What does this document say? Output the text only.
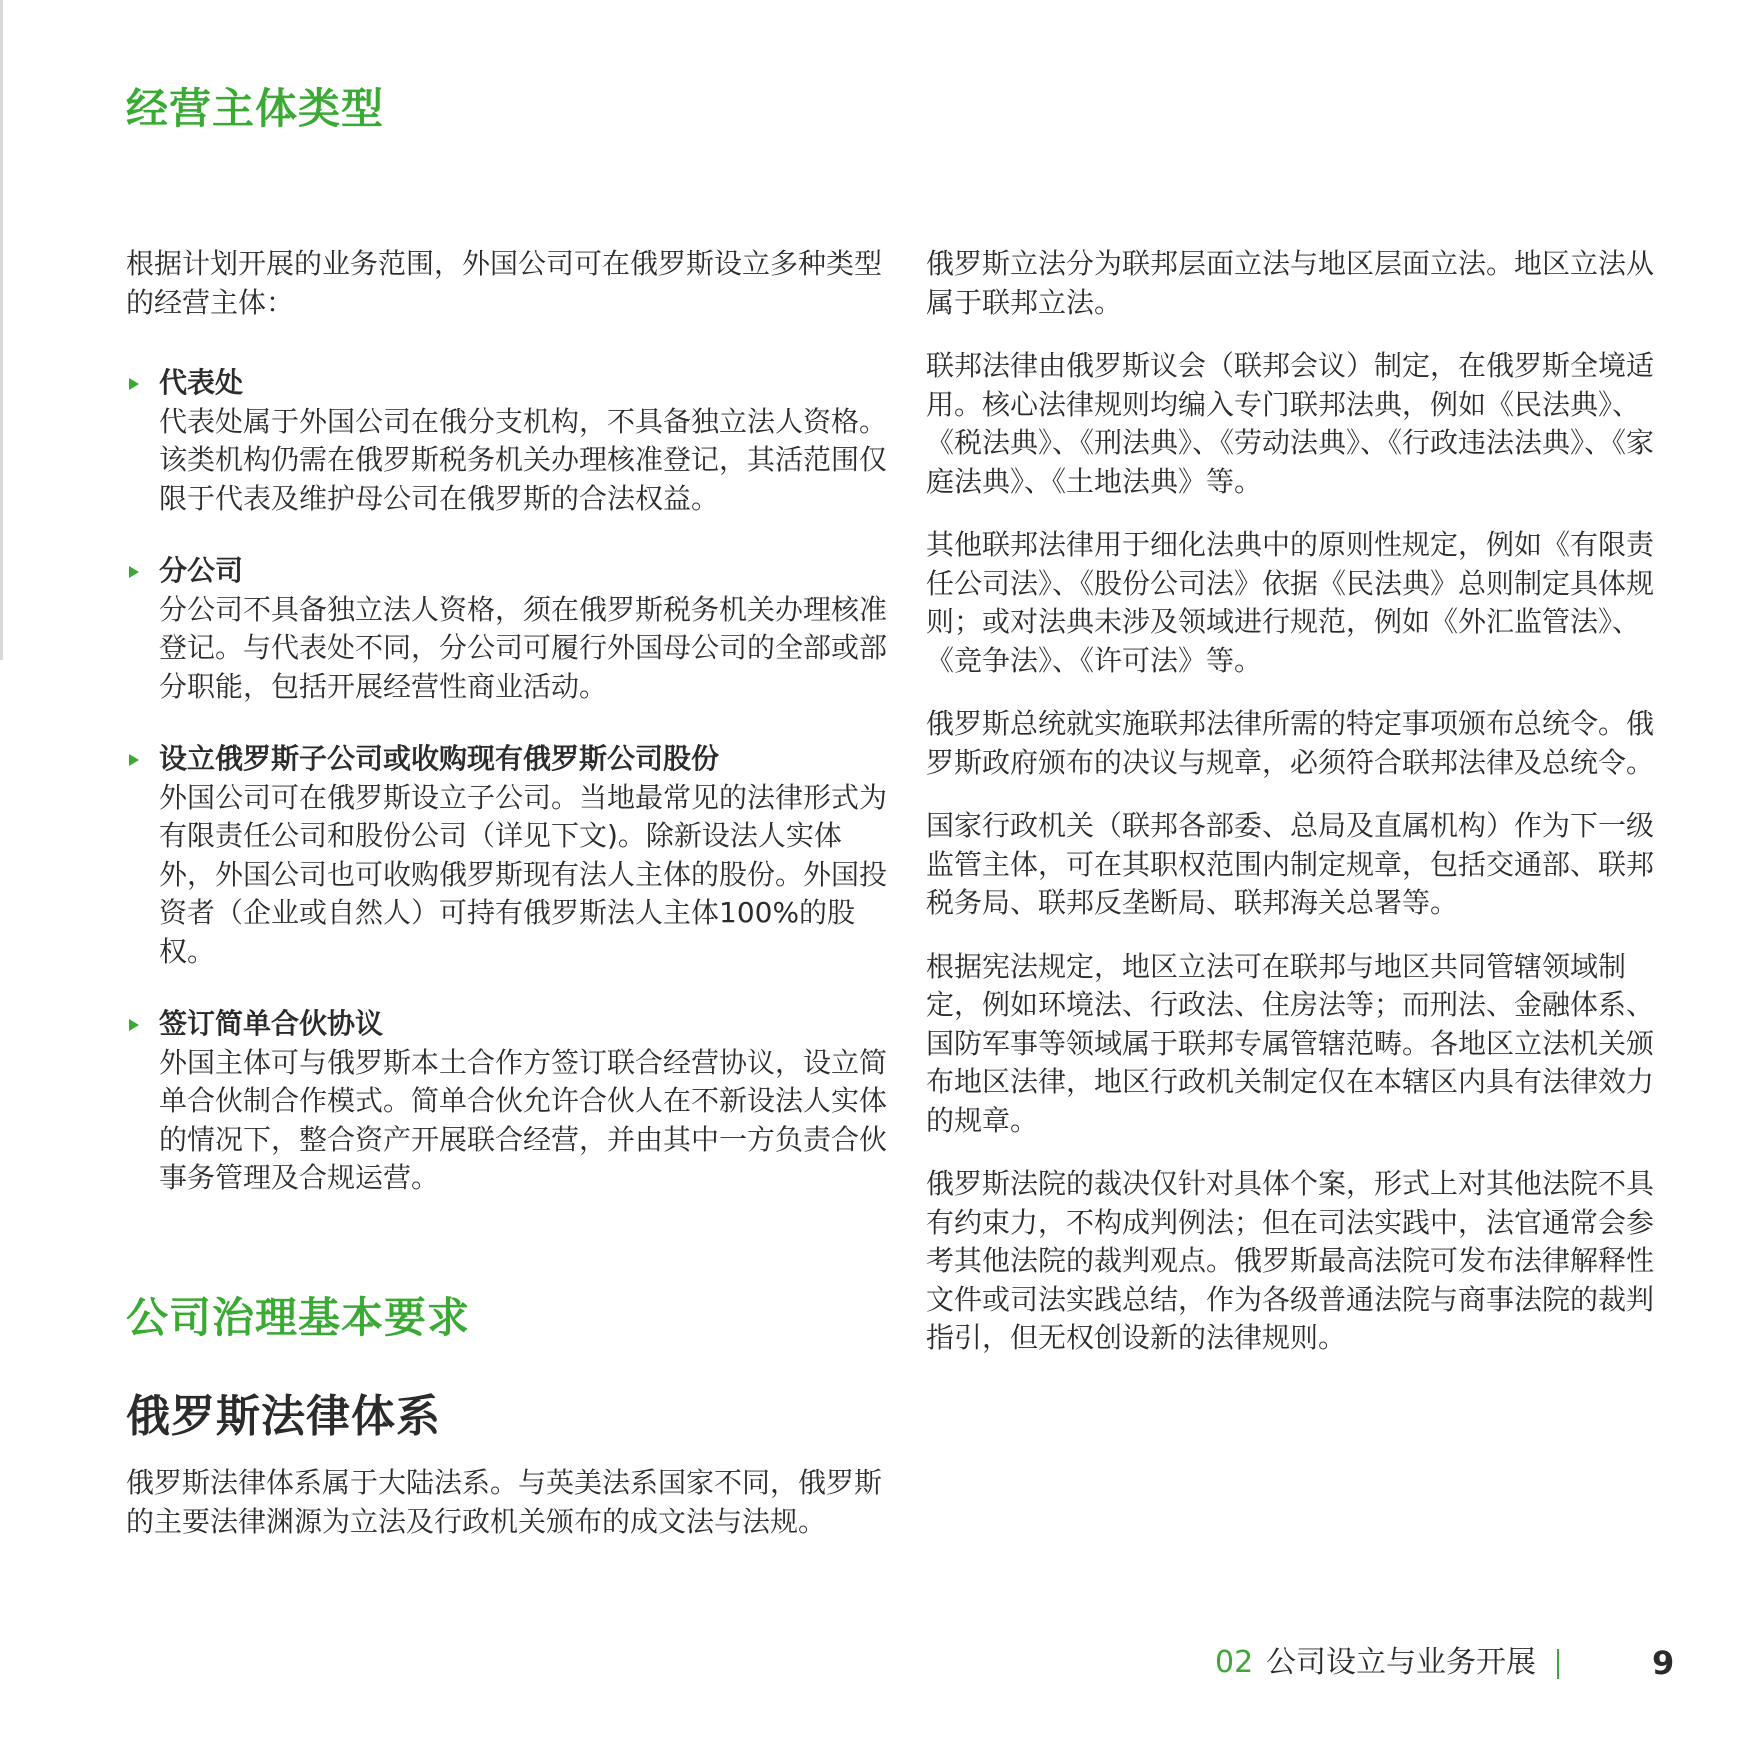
经营主体类型

根据计划开展的业务范围，外国公司可在俄罗斯设立多种类型的经营主体：

代表处
代表处属于外国公司在俄分支机构，不具备独立法人资格。该类机构仍需在俄罗斯税务机关办理核准登记，其活范围仅限于代表及维护母公司在俄罗斯的合法权益。
分公司
分公司不具备独立法人资格，须在俄罗斯税务机关办理核准登记。与代表处不同，分公司可履行外国母公司的全部或部分职能，包括开展经营性商业活动。
设立俄罗斯子公司或收购现有俄罗斯公司股份
外国公司可在俄罗斯设立子公司。当地最常见的法律形式为有限责任公司和股份公司（详见下文)。除新设法人实体外，外国公司也可收购俄罗斯现有法人主体的股份。外国投资者（企业或自然人）可持有俄罗斯法人主体100%的股权。
签订简单合伙协议
外国主体可与俄罗斯本土合作方签订联合经营协议，设立简单合伙制合作模式。简单合伙允许合伙人在不新设法人实体的情况下，整合资产开展联合经营，并由其中一方负责合伙事务管理及合规运营。
公司治理基本要求
俄罗斯法律体系

俄罗斯法律体系属于大陆法系。与英美法系国家不同，俄罗斯的主要法律渊源为立法及行政机关颁布的成文法与法规。

俄罗斯立法分为联邦层面立法与地区层面立法。地区立法从属于联邦立法。

联邦法律由俄罗斯议会（联邦会议）制定，在俄罗斯全境适用。核心法律规则均编入专门联邦法典，例如《民法典》、《税法典》、《刑法典》、《劳动法典》、《行政违法法典》、《家庭法典》、《土地法典》等。

其他联邦法律用于细化法典中的原则性规定，例如《有限责任公司法》、《股份公司法》依据《民法典》总则制定具体规则；或对法典未涉及领域进行规范，例如《外汇监管法》、《竞争法》、《许可法》等。

俄罗斯总统就实施联邦法律所需的特定事项颁布总统令。俄罗斯政府颁布的决议与规章，必须符合联邦法律及总统令。

国家行政机关（联邦各部委、总局及直属机构）作为下一级监管主体，可在其职权范围内制定规章，包括交通部、联邦税务局、联邦反垄断局、联邦海关总署等。

根据宪法规定，地区立法可在联邦与地区共同管辖领域制定，例如环境法、行政法、住房法等；而刑法、金融体系、国防军事等领域属于联邦专属管辖范畴。各地区立法机关颁布地区法律，地区行政机关制定仅在本辖区内具有法律效力的规章。

俄罗斯法院的裁决仅针对具体个案，形式上对其他法院不具有约束力，不构成判例法；但在司法实践中，法官通常会参考其他法院的裁判观点。俄罗斯最高法院可发布法律解释性文件或司法实践总结，作为各级普通法院与商事法院的裁判指引，但无权创设新的法律规则。

02 公司设立与业务开展	9
